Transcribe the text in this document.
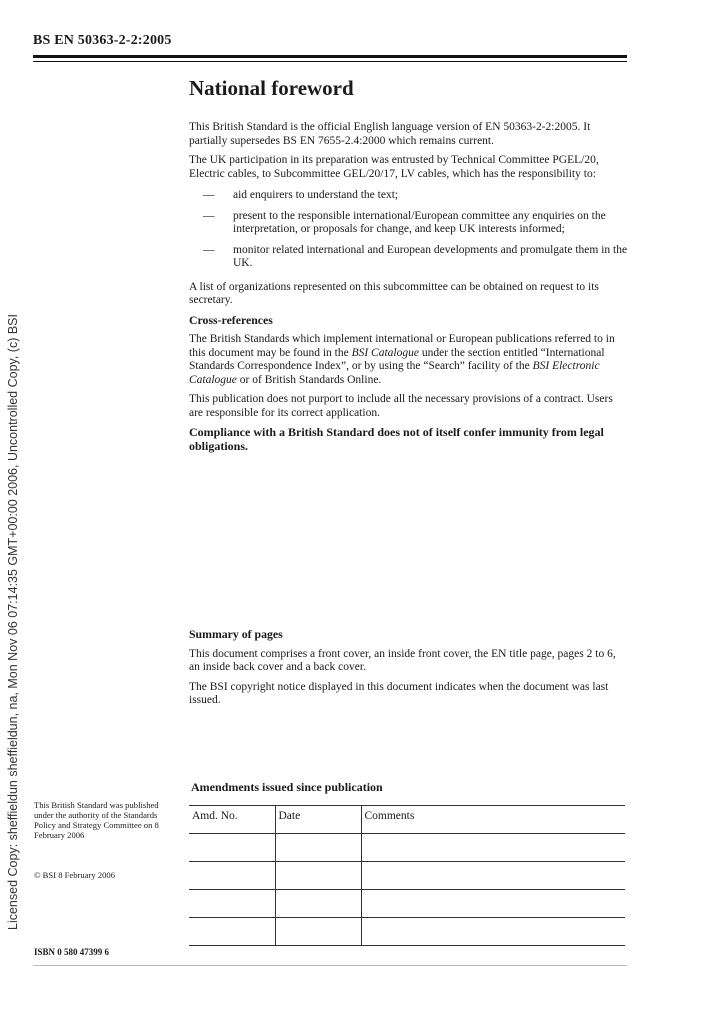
BS EN 50363-2-2:2005
Licensed Copy: sheffieldun sheffieldun, na, Mon Nov 06 07:14:35 GMT+00:00 2006, Uncontrolled Copy, (c) BSI
National foreword

This British Standard is the official English language version of EN 50363-2-2:2005. It partially supersedes BS EN 7655-2.4:2000 which remains current.

The UK participation in its preparation was entrusted by Technical Committee PGEL/20, Electric cables, to Subcommittee GEL/20/17, LV cables, which has the responsibility to:

— aid enquirers to understand the text;
— present to the responsible international/European committee any enquiries on the interpretation, or proposals for change, and keep UK interests informed;
— monitor related international and European developments and promulgate them in the UK.

A list of organizations represented on this subcommittee can be obtained on request to its secretary.

Cross-references

The British Standards which implement international or European publications referred to in this document may be found in the BSI Catalogue under the section entitled “International Standards Correspondence Index”, or by using the “Search” facility of the BSI Electronic Catalogue or of British Standards Online.

This publication does not purport to include all the necessary provisions of a contract. Users are responsible for its correct application.

Compliance with a British Standard does not of itself confer immunity from legal obligations.

Summary of pages

This document comprises a front cover, an inside front cover, the EN title page, pages 2 to 6, an inside back cover and a back cover.

The BSI copyright notice displayed in this document indicates when the document was last issued.

Amendments issued since publication
Amd. No.	Date	Comments

This British Standard was published under the authority of the Standards Policy and Strategy Committee on 8 February 2006
© BSI 8 February 2006
ISBN 0 580 47399 6
